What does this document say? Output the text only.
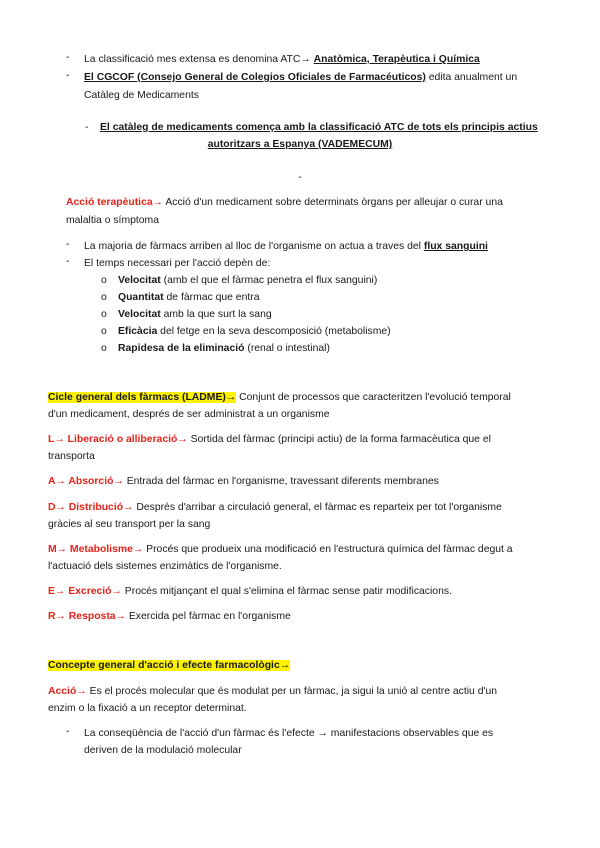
- La classificació mes extensa es denomina ATC→ Anatòmica, Terapèutica i Química
- El CGCOF (Consejo General de Colegios Oficiales de Farmacéuticos) edita anualment un
Catàleg de Medicaments
- El catàleg de medicaments comença amb la classificació ATC de tots els principis actius
autoritzars a Espanya (VADEMECUM)
-
Acció terapèutica→ Acció d'un medicament sobre determinats òrgans per alleujar o curar una
malaltia o símptoma
- La majoria de fàrmacs arriben al lloc de l'organisme on actua a traves del flux sanguini
- El temps necessari per l'acció depèn de:
o Velocitat (amb el que el fàrmac penetra el flux sanguini)
o Quantitat de fàrmac que entra
o Velocitat amb la que surt la sang
o Eficàcia del fetge en la seva descomposició (metabolisme)
o Rapidesa de la eliminació (renal o intestinal)
Cicle general dels fàrmacs (LADME)→ Conjunt de processos que caracteritzen l'evolució temporal
d'un medicament, després de ser administrat a un organisme
L→ Liberació o alliberació→ Sortida del fàrmac (principi actiu) de la forma farmacèutica que el
transporta
A→ Absorció→ Entrada del fàrmac en l'organisme, travessant diferents membranes
D→ Distribució→ Després d'arribar a circulació general, el fàrmac es reparteix per tot l'organisme
gràcies al seu transport per la sang
M→ Metabolisme→ Procés que produeix una modificació en l'estructura química del fàrmac degut a
l'actuació dels sistemes enzimàtics de l'organisme.
E→ Excreció→ Procés mitjançant el qual s'elimina el fàrmac sense patir modificacions.
R→ Resposta→ Exercida pel fàrmac en l'organisme
Concepte general d'acció i efecte farmacològic→
Acció→ Es el procés molecular que és modulat per un fàrmac, ja sigui la unió al centre actiu d'un
enzim o la fixació a un receptor determinat.
- La conseqüència de l'acció d'un fàrmac és l'efecte → manifestacions observables que es
deriven de la modulació molecular
